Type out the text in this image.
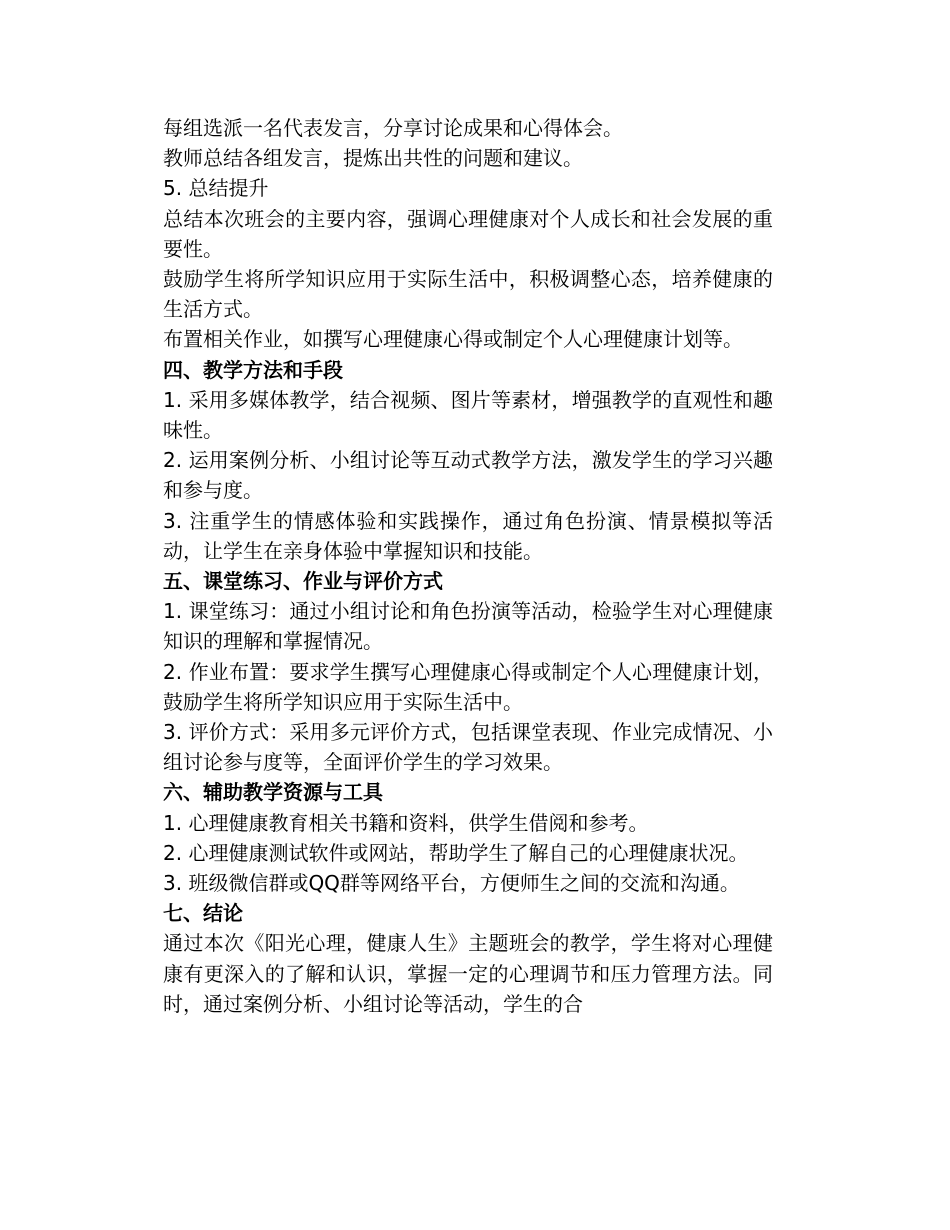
每组选派一名代表发言，分享讨论成果和心得体会。

教师总结各组发言，提炼出共性的问题和建议。

5. 总结提升

总结本次班会的主要内容，强调心理健康对个人成长和社会发展的重要性。

鼓励学生将所学知识应用于实际生活中，积极调整心态，培养健康的生活方式。

布置相关作业，如撰写心理健康心得或制定个人心理健康计划等。

四、教学方法和手段

1. 采用多媒体教学，结合视频、图片等素材，增强教学的直观性和趣味性。

2. 运用案例分析、小组讨论等互动式教学方法，激发学生的学习兴趣和参与度。

3. 注重学生的情感体验和实践操作，通过角色扮演、情景模拟等活动，让学生在亲身体验中掌握知识和技能。

五、课堂练习、作业与评价方式

1. 课堂练习：通过小组讨论和角色扮演等活动，检验学生对心理健康知识的理解和掌握情况。

2. 作业布置：要求学生撰写心理健康心得或制定个人心理健康计划，鼓励学生将所学知识应用于实际生活中。

3. 评价方式：采用多元评价方式，包括课堂表现、作业完成情况、小组讨论参与度等，全面评价学生的学习效果。

六、辅助教学资源与工具

1. 心理健康教育相关书籍和资料，供学生借阅和参考。

2. 心理健康测试软件或网站，帮助学生了解自己的心理健康状况。

3. 班级微信群或QQ群等网络平台，方便师生之间的交流和沟通。

七、结论

通过本次《阳光心理，健康人生》主题班会的教学，学生将对心理健康有更深入的了解和认识，掌握一定的心理调节和压力管理方法。同时，通过案例分析、小组讨论等活动，学生的合
